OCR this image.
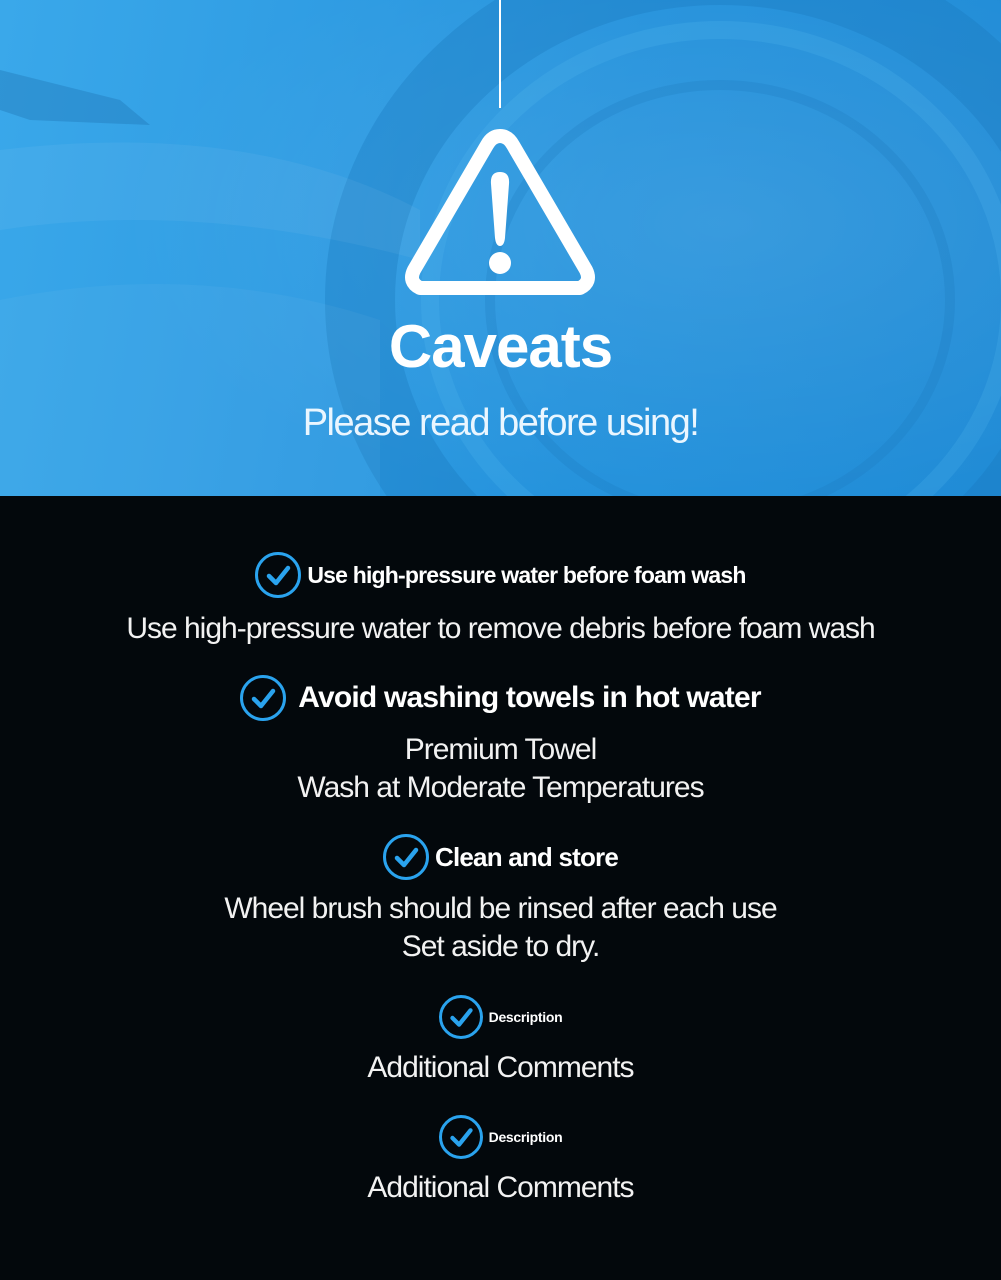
Caveats
Please read before using!
Use high-pressure water before foam wash
Use high-pressure water to remove debris before foam wash
Avoid washing towels in hot water
Premium Towel
Wash at Moderate Temperatures
Clean and store
Wheel brush should be rinsed after each use
Set aside to dry.
Description
Additional Comments
Description
Additional Comments
